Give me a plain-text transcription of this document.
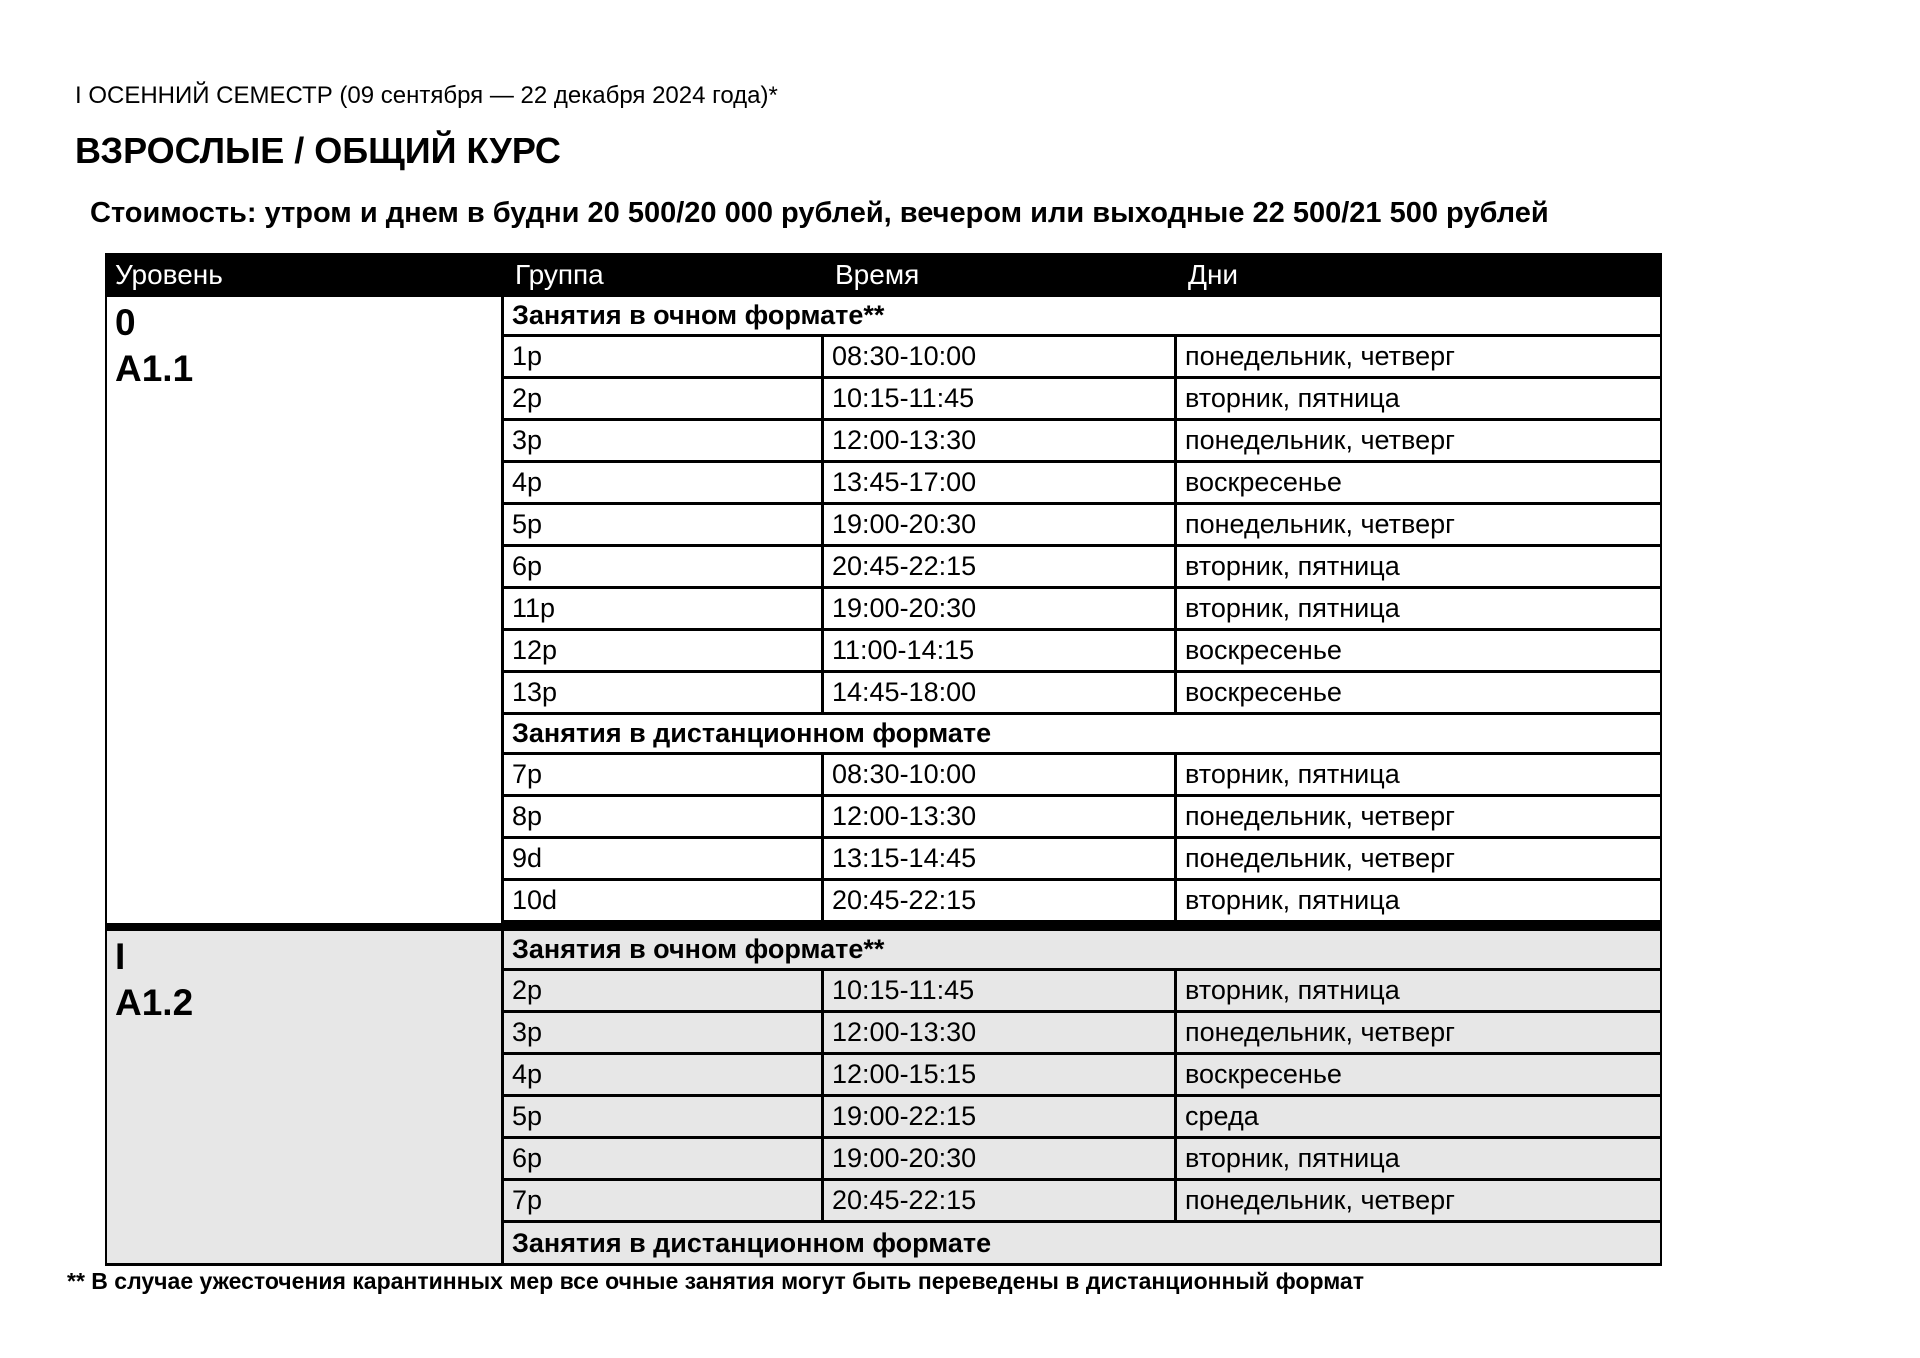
I ОСЕННИЙ СЕМЕСТР (09 сентября — 22 декабря 2024 года)*
ВЗРОСЛЫЕ / ОБЩИЙ КУРС
Стоимость: утром и днем в будни 20 500/20 000 рублей, вечером или выходные 22 500/21 500 рублей
Уровень	Группа	Время	Дни
0
A1.1
Занятия в очном формате**
1р	08:30-10:00	понедельник, четверг
2р	10:15-11:45	вторник, пятница
3р	12:00-13:30	понедельник, четверг
4р	13:45-17:00	воскресенье
5р	19:00-20:30	понедельник, четверг
6р	20:45-22:15	вторник, пятница
11р	19:00-20:30	вторник, пятница
12р	11:00-14:15	воскресенье
13р	14:45-18:00	воскресенье
Занятия в дистанционном формате
7р	08:30-10:00	вторник, пятница
8р	12:00-13:30	понедельник, четверг
9d	13:15-14:45	понедельник, четверг
10d	20:45-22:15	вторник, пятница
I
A1.2
Занятия в очном формате**
2р	10:15-11:45	вторник, пятница
3р	12:00-13:30	понедельник, четверг
4р	12:00-15:15	воскресенье
5р	19:00-22:15	среда
6р	19:00-20:30	вторник, пятница
7р	20:45-22:15	понедельник, четверг
Занятия в дистанционном формате
** В случае ужесточения карантинных мер все очные занятия могут быть переведены в дистанционный формат
